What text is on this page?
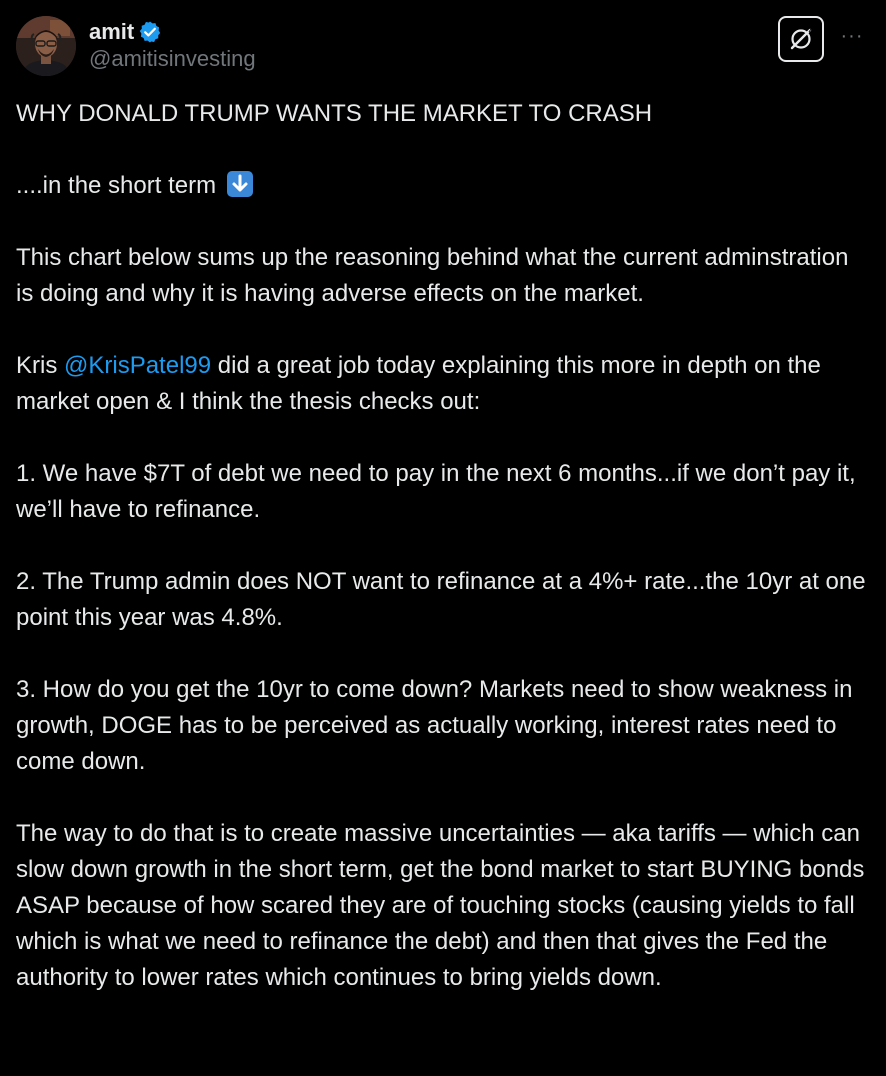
amit
@amitisinvesting
···

WHY DONALD TRUMP WANTS THE MARKET TO CRASH

....in the short term

This chart below sums up the reasoning behind what the current adminstration is doing and why it is having adverse effects on the market.

Kris @KrisPatel99 did a great job today explaining this more in depth on the market open & I think the thesis checks out:

1. We have $7T of debt we need to pay in the next 6 months...if we don’t pay it, we’ll have to refinance.

2. The Trump admin does NOT want to refinance at a 4%+ rate...the 10yr at one point this year was 4.8%.

3. How do you get the 10yr to come down? Markets need to show weakness in growth, DOGE has to be perceived as actually working, interest rates need to come down.

The way to do that is to create massive uncertainties — aka tariffs — which can slow down growth in the short term, get the bond market to start BUYING bonds ASAP because of how scared they are of touching stocks (causing yields to fall which is what we need to refinance the debt) and then that gives the Fed the authority to lower rates which continues to bring yields down.
